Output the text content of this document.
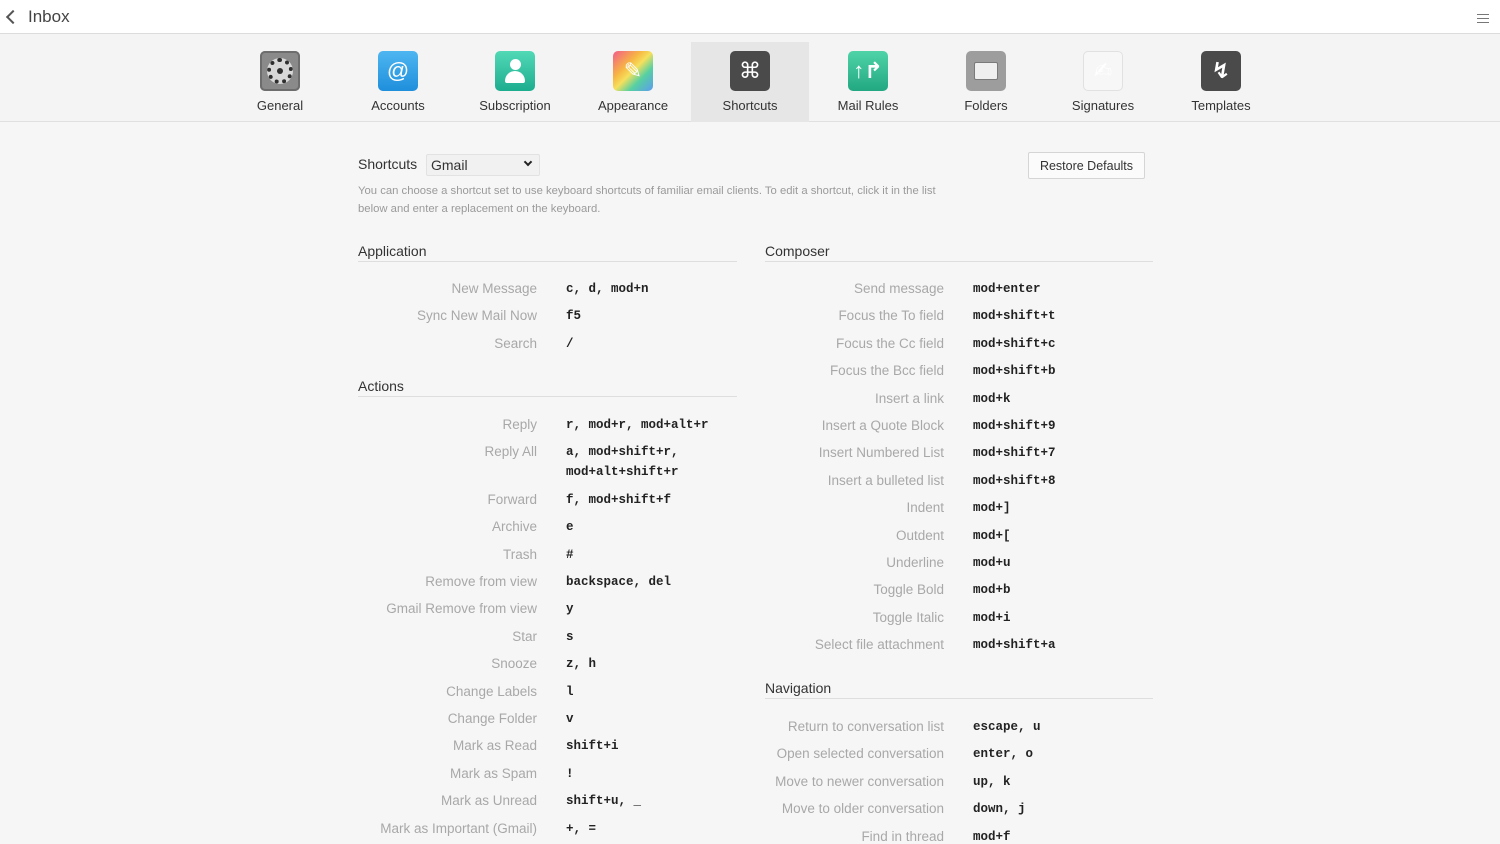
Inbox
General
@
Accounts	Subscription
✎
Appearance
⌘
Shortcuts
↑↱
Mail Rules	Folders
✍
Signatures
↯
Templates
Shortcuts Gmail	Restore Defaults

You can choose a shortcut set to use keyboard shortcuts of familiar email clients. To edit a shortcut, click it in the list below and enter a replacement on the keyboard.

Application
New Message c, d, mod+n
Sync New Mail Now f5
Search /
Actions
Reply r, mod+r, mod+alt+r
Reply All a, mod+shift+r,
mod+alt+shift+r
Forward f, mod+shift+f
Archive e
Trash #
Remove from view backspace, del
Gmail Remove from view y
Star s
Snooze z, h
Change Labels l
Change Folder v
Mark as Read shift+i
Mark as Spam !
Mark as Unread shift+u, _
Mark as Important (Gmail) +, =
Composer
Send message mod+enter
Focus the To field mod+shift+t
Focus the Cc field mod+shift+c
Focus the Bcc field mod+shift+b
Insert a link mod+k
Insert a Quote Block mod+shift+9
Insert Numbered List mod+shift+7
Insert a bulleted list mod+shift+8
Indent mod+]
Outdent mod+[
Underline mod+u
Toggle Bold mod+b
Toggle Italic mod+i
Select file attachment mod+shift+a
Navigation
Return to conversation list escape, u
Open selected conversation enter, o
Move to newer conversation up, k
Move to older conversation down, j
Find in thread mod+f
